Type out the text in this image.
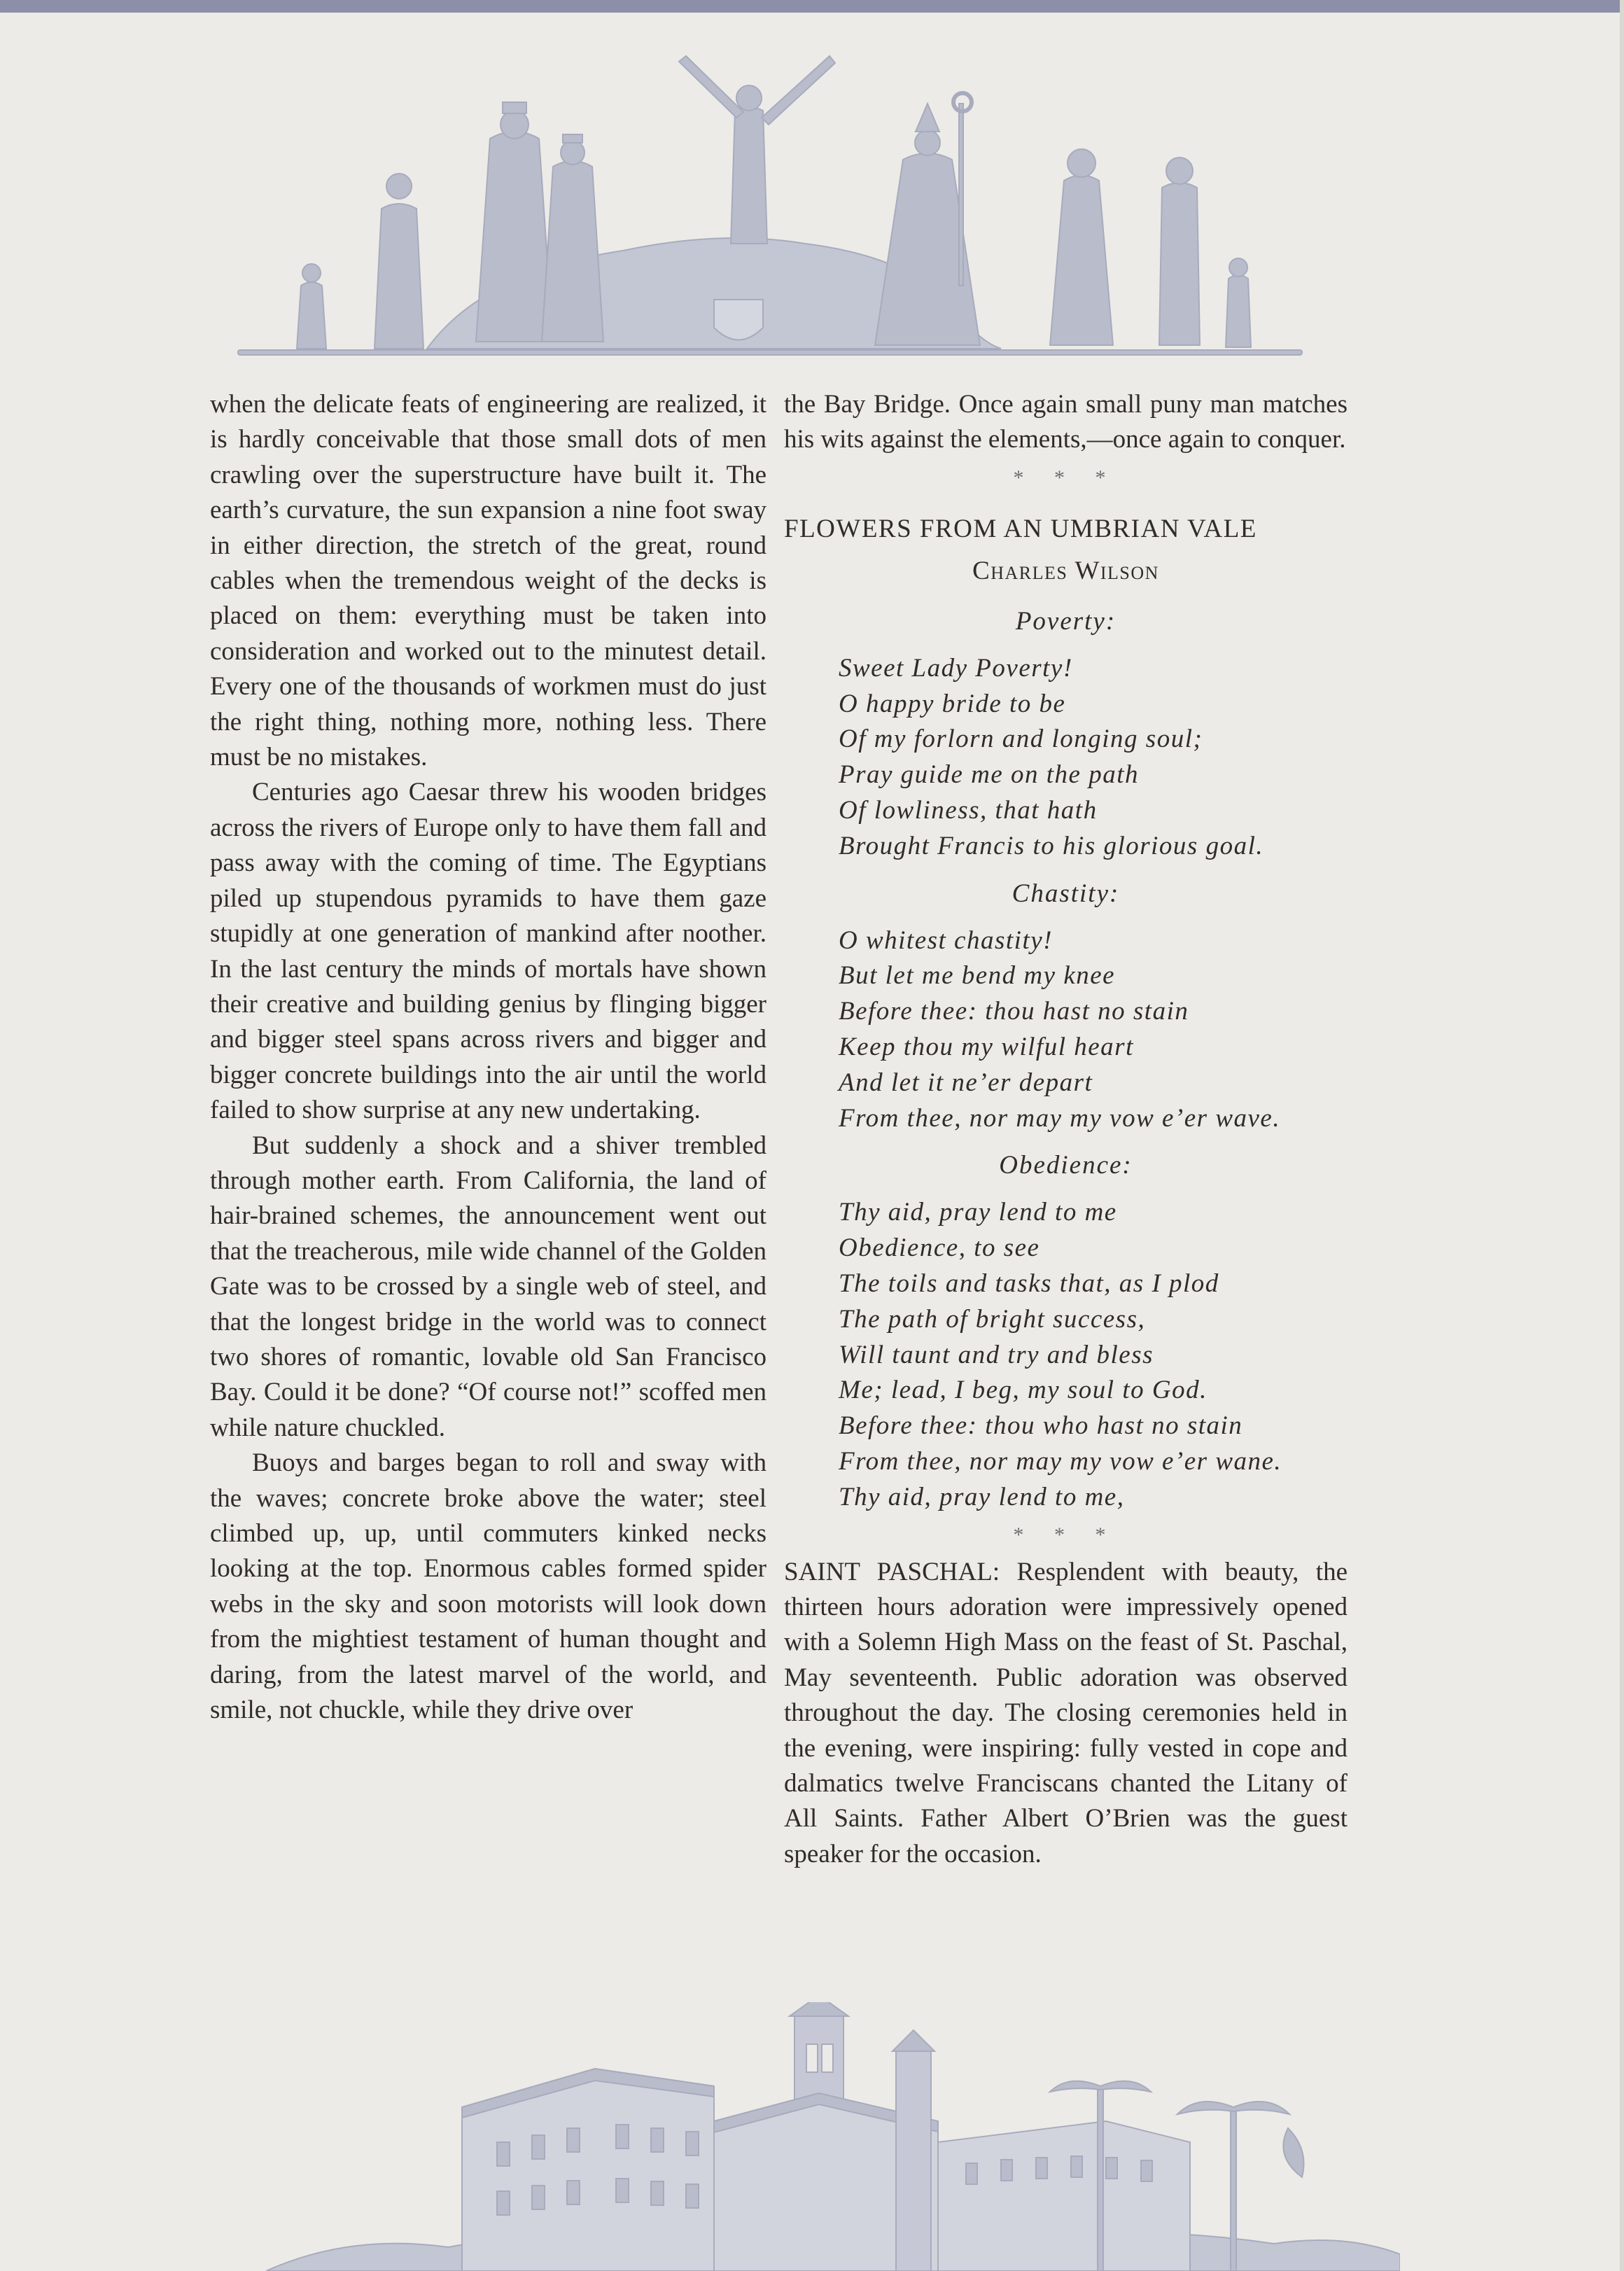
when the delicate feats of engineering are realized, it is hardly conceivable that those small dots of men crawling over the superstructure have built it. The earth’s curvature, the sun expansion a nine foot sway in either direction, the stretch of the great, round cables when the tremendous weight of the decks is placed on them: everything must be taken into consideration and worked out to the minutest detail. Every one of the thousands of workmen must do just the right thing, nothing more, nothing less. There must be no mistakes.

Centuries ago Caesar threw his wooden bridges across the rivers of Europe only to have them fall and pass away with the coming of time. The Egyptians piled up stupendous pyramids to have them gaze stupidly at one generation of mankind after noother. In the last century the minds of mortals have shown their creative and building genius by flinging bigger and bigger steel spans across rivers and bigger and bigger concrete buildings into the air until the world failed to show surprise at any new undertaking.

But suddenly a shock and a shiver trembled through mother earth. From California, the land of hair-brained schemes, the announcement went out that the treacherous, mile wide channel of the Golden Gate was to be crossed by a single web of steel, and that the longest bridge in the world was to connect two shores of romantic, lovable old San Francisco Bay. Could it be done? “Of course not!” scoffed men while nature chuckled.

Buoys and barges began to roll and sway with the waves; concrete broke above the water; steel climbed up, up, until commuters kinked necks looking at the top. Enormous cables formed spider webs in the sky and soon motorists will look down from the mightiest testament of human thought and daring, from the latest marvel of the world, and smile, not chuckle, while they drive over

the Bay Bridge. Once again small puny man matches his wits against the elements,—once again to conquer.

* * *
FLOWERS FROM AN UMBRIAN VALE
Charles Wilson
Poverty:
Sweet Lady Poverty!
O happy bride to be
Of my forlorn and longing soul;
Pray guide me on the path
Of lowliness, that hath
Brought Francis to his glorious goal.
Chastity:
O whitest chastity!
But let me bend my knee
Before thee: thou hast no stain
Keep thou my wilful heart
And let it ne’er depart
From thee, nor may my vow e’er wave.
Obedience:
Thy aid, pray lend to me
Obedience, to see
The toils and tasks that, as I plod
The path of bright success,
Will taunt and try and bless
Me; lead, I beg, my soul to God.
Before thee: thou who hast no stain
From thee, nor may my vow e’er wane.
Thy aid, pray lend to me,
* * *

SAINT PASCHAL: Resplendent with beauty, the thirteen hours adoration were impressively opened with a Solemn High Mass on the feast of St. Paschal, May seventeenth. Public adoration was observed throughout the day. The closing ceremonies held in the evening, were inspiring: fully vested in cope and dalmatics twelve Franciscans chanted the Litany of All Saints. Father Albert O’Brien was the guest speaker for the occasion.
